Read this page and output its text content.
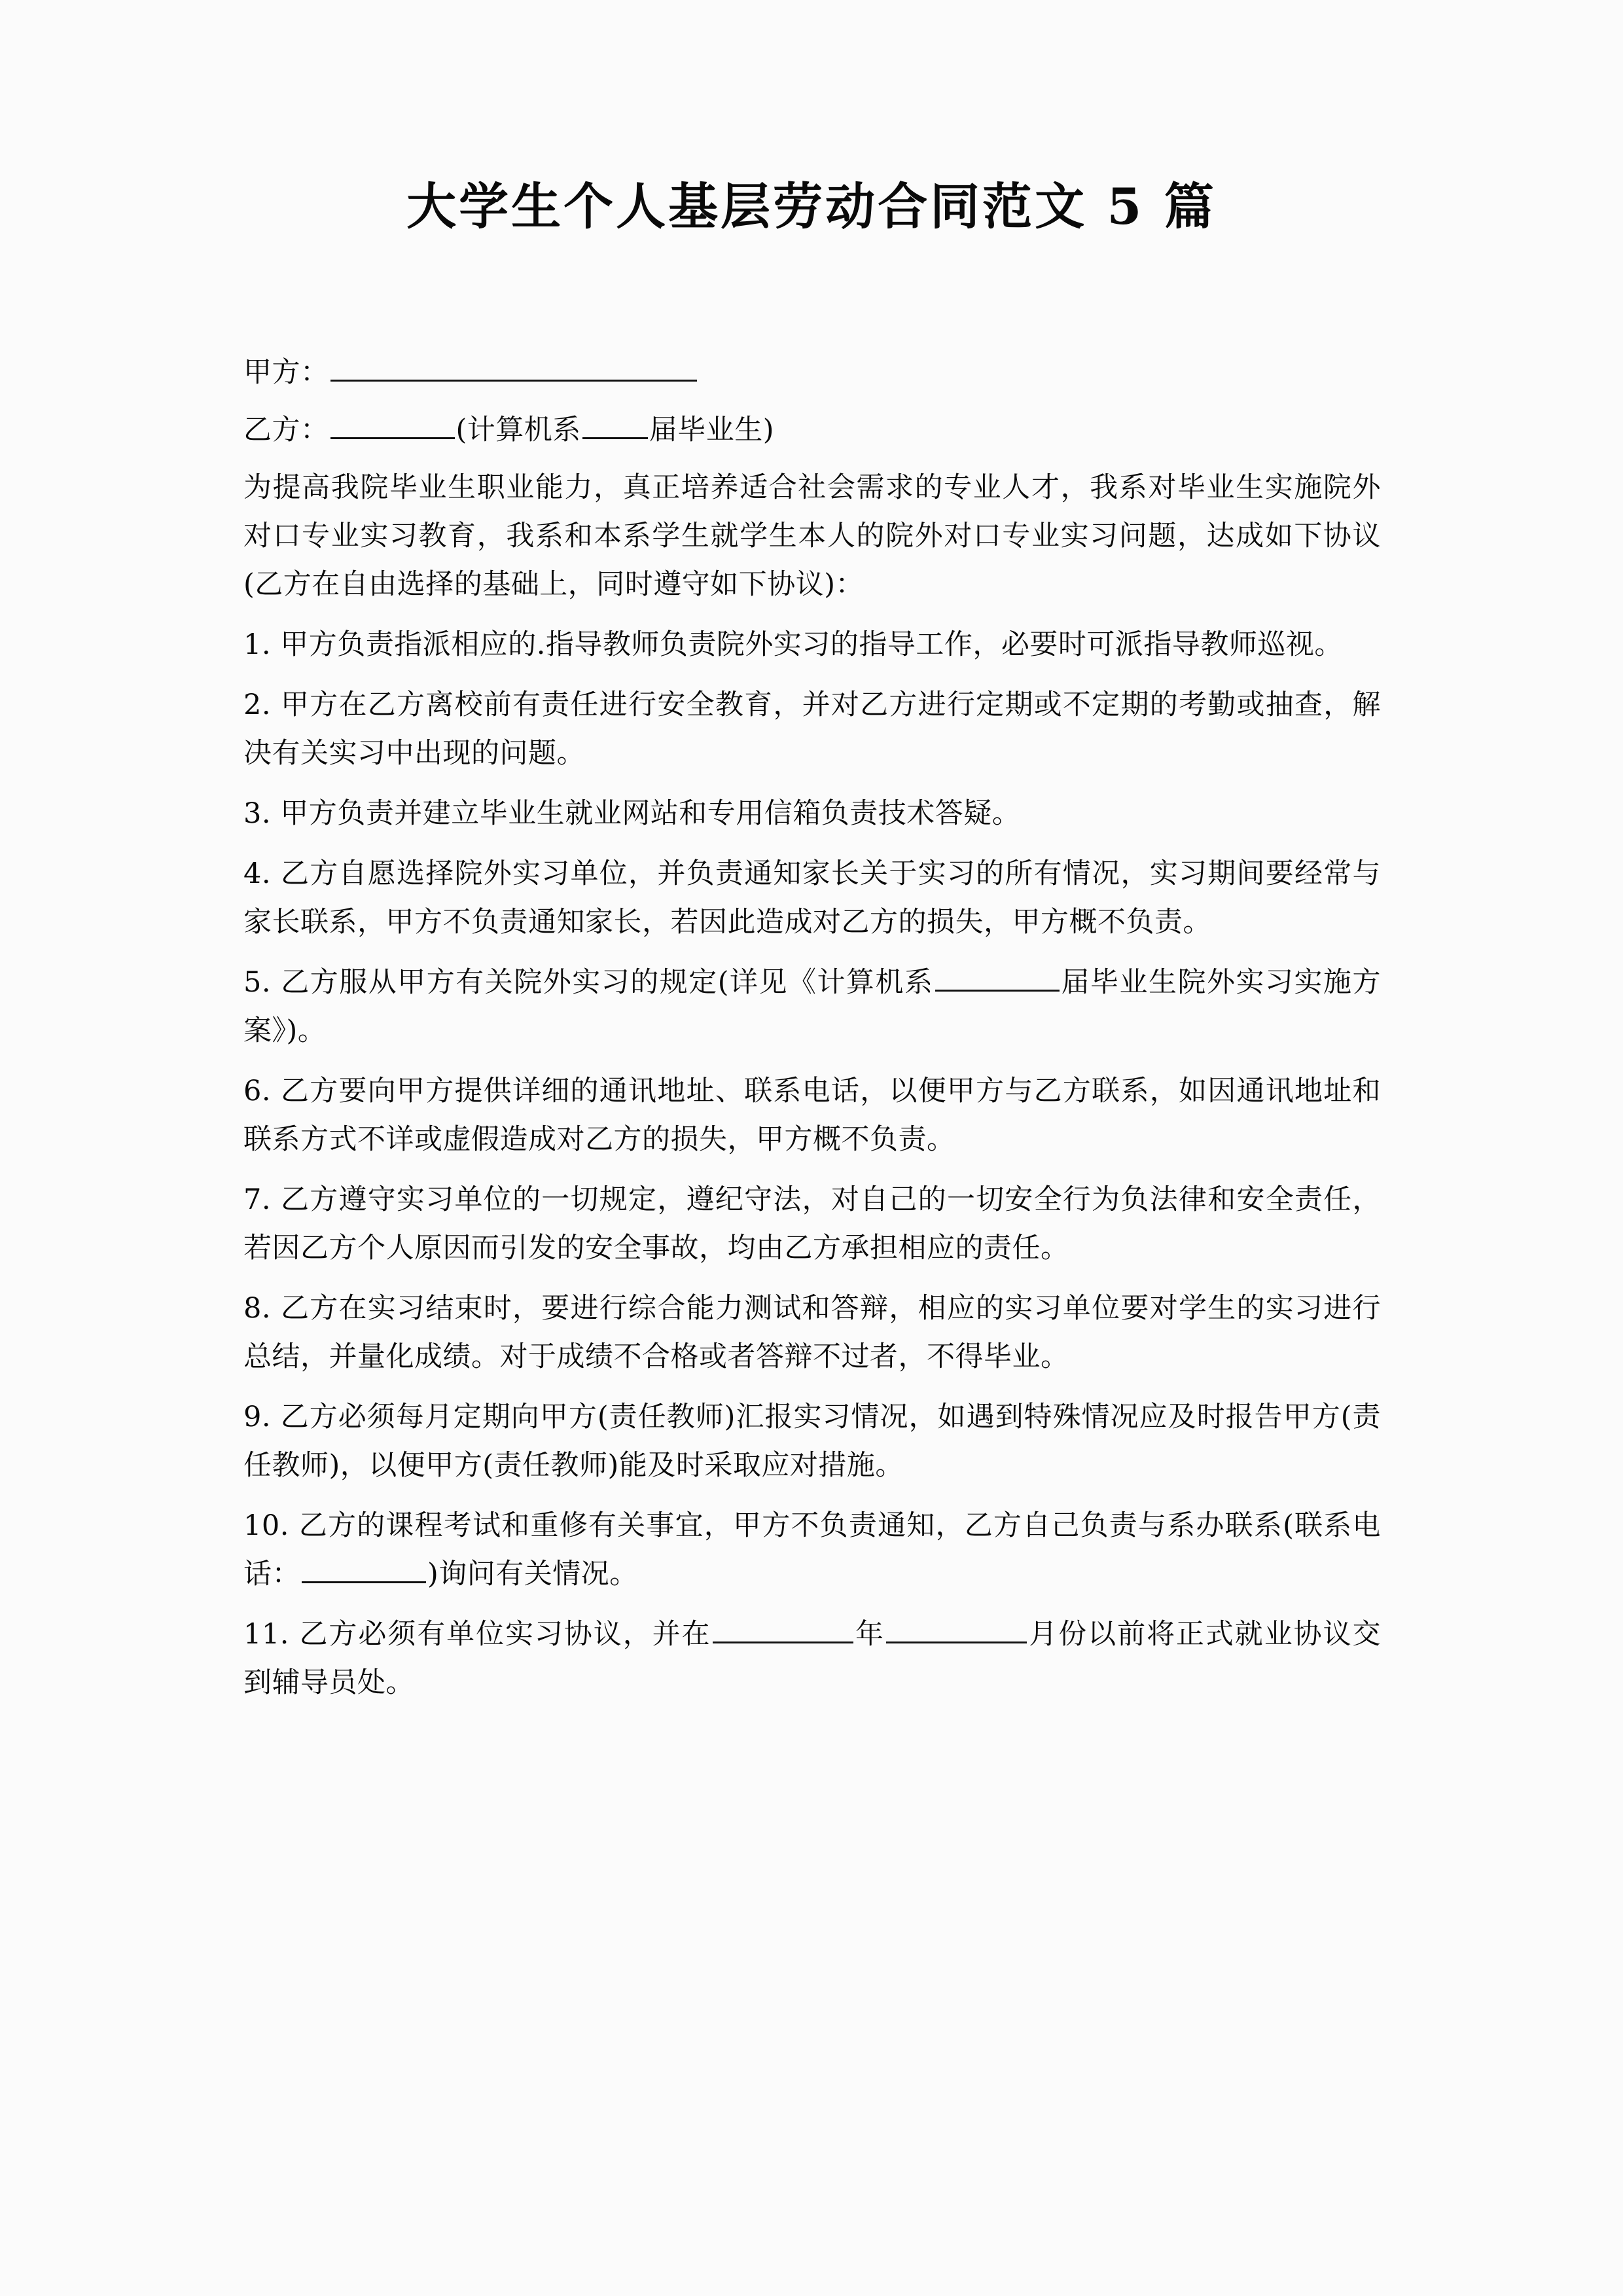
大学生个人基层劳动合同范文 5 篇
甲方：
乙方：	(计算机系 届毕业生)

为提高我院毕业生职业能力，真正培养适合社会需求的专业人才，我系对毕业生实施院外对口专业实习教育，我系和本系学生就学生本人的院外对口专业实习问题，达成如下协议(乙方在自由选择的基础上，同时遵守如下协议)：

1. 甲方负责指派相应的.指导教师负责院外实习的指导工作，必要时可派指导教师巡视。

2. 甲方在乙方离校前有责任进行安全教育，并对乙方进行定期或不定期的考勤或抽查，解决有关实习中出现的问题。

3. 甲方负责并建立毕业生就业网站和专用信箱负责技术答疑。

4. 乙方自愿选择院外实习单位，并负责通知家长关于实习的所有情况，实习期间要经常与家长联系，甲方不负责通知家长，若因此造成对乙方的损失，甲方概不负责。

5. 乙方服从甲方有关院外实习的规定(详见《计算机系	届毕业生院外实习实施方案》)。

6. 乙方要向甲方提供详细的通讯地址、联系电话，以便甲方与乙方联系，如因通讯地址和联系方式不详或虚假造成对乙方的损失，甲方概不负责。

7. 乙方遵守实习单位的一切规定，遵纪守法，对自己的一切安全行为负法律和安全责任，若因乙方个人原因而引发的安全事故，均由乙方承担相应的责任。

8. 乙方在实习结束时，要进行综合能力测试和答辩，相应的实习单位要对学生的实习进行总结，并量化成绩。对于成绩不合格或者答辩不过者，不得毕业。

9. 乙方必须每月定期向甲方(责任教师)汇报实习情况，如遇到特殊情况应及时报告甲方(责任教师)，以便甲方(责任教师)能及时采取应对措施。

10. 乙方的课程考试和重修有关事宜，甲方不负责通知，乙方自己负责与系办联系(联系电话：	)询问有关情况。

11. 乙方必须有单位实习协议，并在	年	月份以前将正式就业协议交到辅导员处。
